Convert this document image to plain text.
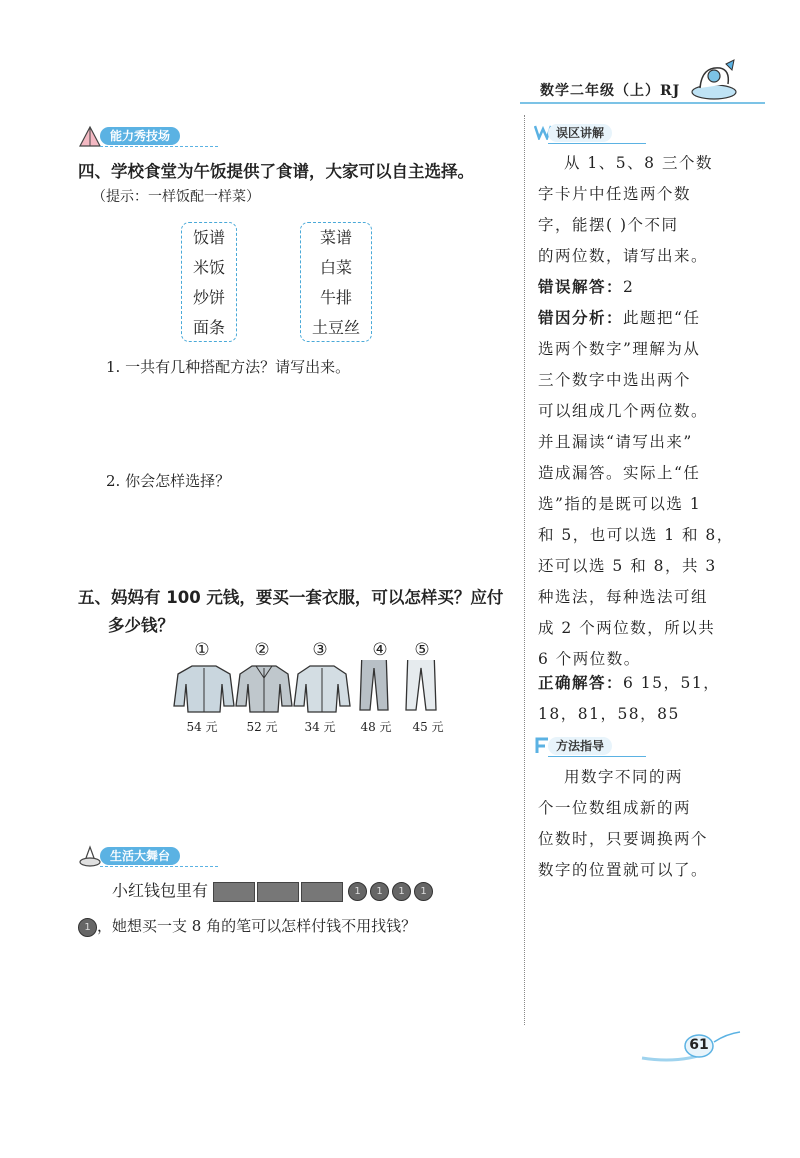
数学二年级（上）RJ
能力秀技场
四、学校食堂为午饭提供了食谱，大家可以自主选择。
（提示：一样饭配一样菜）
饭谱
米饭
炒饼
面条
菜谱
白菜
牛排
土豆丝
1. 一共有几种搭配方法？请写出来。
2. 你会怎样选择？
五、妈妈有 100 元钱，要买一套衣服，可以怎样买？应付
多少钱？
①	②	③	④	⑤
54 元	52 元	34 元	48 元	45 元
生活大舞台
小红钱包里有	1 1 1 1
1 ，她想买一支 8 角的笔可以怎样付钱不用找钱？
误区讲解
从 1、5、8 三个数
字卡片中任选两个数
字，能摆( )个不同
的两位数，请写出来。
错误解答：2
错因分析：此题把“任
选两个数字”理解为从
三个数字中选出两个
可以组成几个两位数。
并且漏读“请写出来”
造成漏答。实际上“任
选”指的是既可以选 1
和 5，也可以选 1 和 8，
还可以选 5 和 8，共 3
种选法，每种选法可组
成 2 个两位数，所以共
6 个两位数。
正确解答：6 15，51，
18，81，58，85
方法指导
用数字不同的两
个一位数组成新的两
位数时，只要调换两个
数字的位置就可以了。
61
